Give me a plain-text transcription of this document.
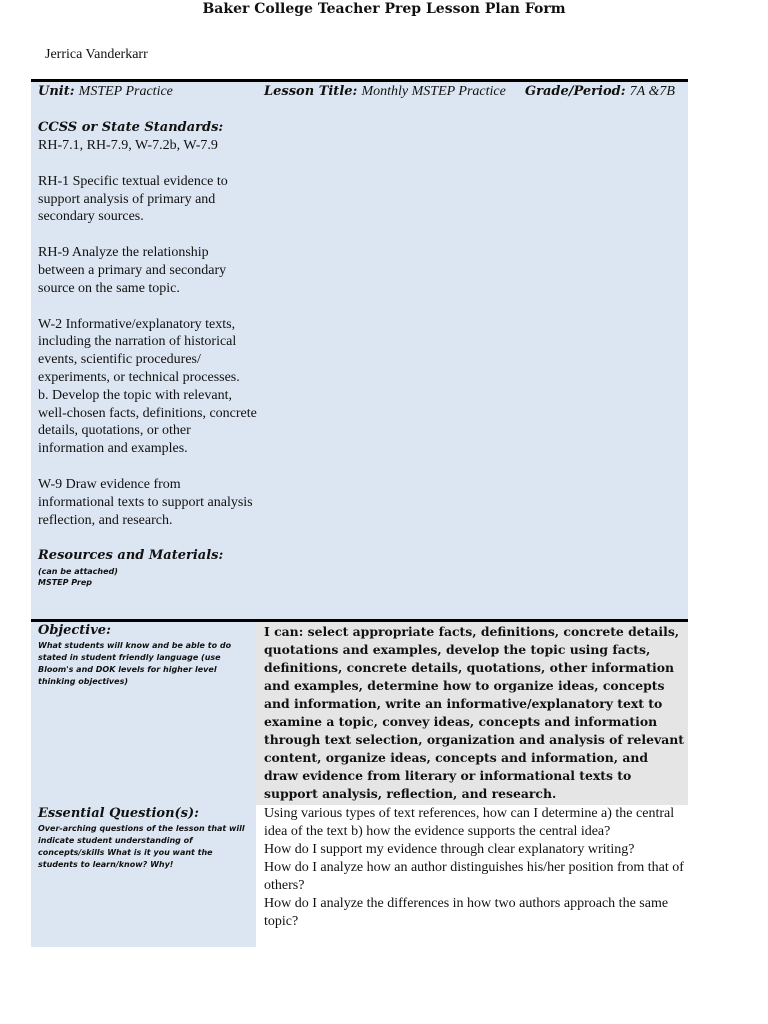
Baker College Teacher Prep Lesson Plan Form
Jerrica Vanderkarr
Unit: MSTEP Practice	Lesson Title: Monthly MSTEP Practice Grade/Period: 7A &7B
CCSS or State Standards:

RH-7.1, RH-7.9, W-7.2b, W-7.9

RH-1 Specific textual evidence to support analysis of primary and secondary sources.

RH-9 Analyze the relationship between a primary and secondary source on the same topic.

W-2 Informative/explanatory texts, including the narration of historical events, scientific procedures/ experiments, or technical processes.

b. Develop the topic with relevant, well-chosen facts, definitions, concrete details, quotations, or other information and examples.

W-9 Draw evidence from informational texts to support analysis reflection, and research.

Resources and Materials:
(can be attached)
MSTEP Prep
Objective:
What students will know and be able to do stated in student friendly language (use Bloom's and DOK levels for higher level thinking objectives)
I can: select appropriate facts, definitions, concrete details, quotations and examples, develop the topic using facts, definitions, concrete details, quotations, other information and examples, determine how to organize ideas, concepts and information, write an informative/explanatory text to examine a topic, convey ideas, concepts and information through text selection, organization and analysis of relevant content, organize ideas, concepts and information, and draw evidence from literary or informational texts to support analysis, reflection, and research.
Essential Question(s):
Over-arching questions of the lesson that will indicate student understanding of concepts/skills What is it you want the students to learn/know? Why!

Using various types of text references, how can I determine a) the central idea of the text b) how the evidence supports the central idea?

How do I support my evidence through clear explanatory writing?

How do I analyze how an author distinguishes his/her position from that of others?

How do I analyze the differences in how two authors approach the same topic?
